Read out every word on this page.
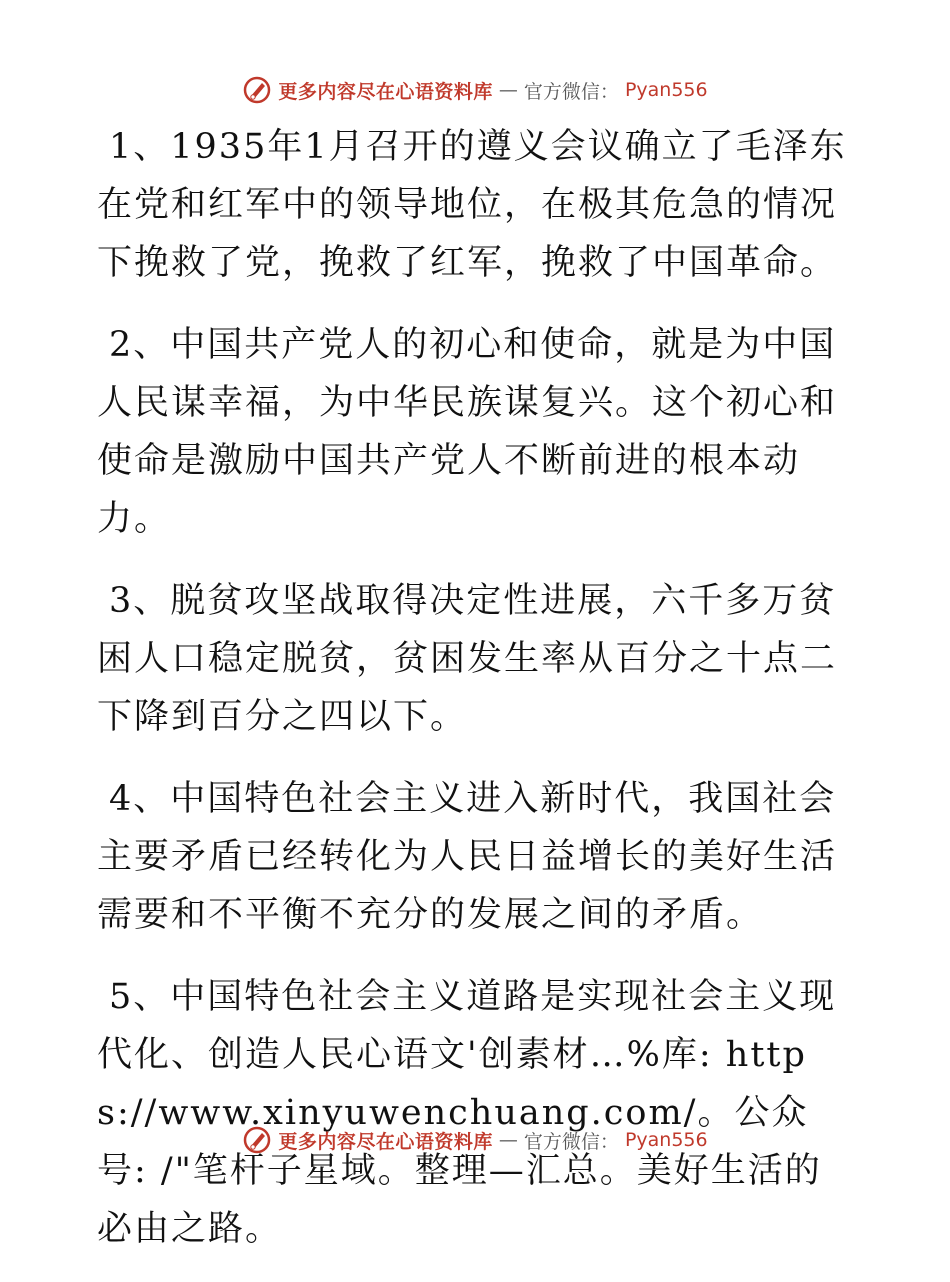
更多内容尽在心语资料库 — 官方微信： Pyan556

1、1935年1月召开的遵义会议确立了毛泽东在党和红军中的领导地位，在极其危急的情况下挽救了党，挽救了红军，挽救了中国革命。

2、中国共产党人的初心和使命，就是为中国人民谋幸福，为中华民族谋复兴。这个初心和使命是激励中国共产党人不断前进的根本动力。

3、脱贫攻坚战取得决定性进展，六千多万贫困人口稳定脱贫，贫困发生率从百分之十点二下降到百分之四以下。

4、中国特色社会主义进入新时代，我国社会主要矛盾已经转化为人民日益增长的美好生活需要和不平衡不充分的发展之间的矛盾。

5、中国特色社会主义道路是实现社会主义现代化、创造人民心语文'创素材…%库: https://www.xinyuwenchuang.com/。公众号: /"笔杆子星域。整理—汇总。美好生活的必由之路。

更多内容尽在心语资料库 — 官方微信： Pyan556
